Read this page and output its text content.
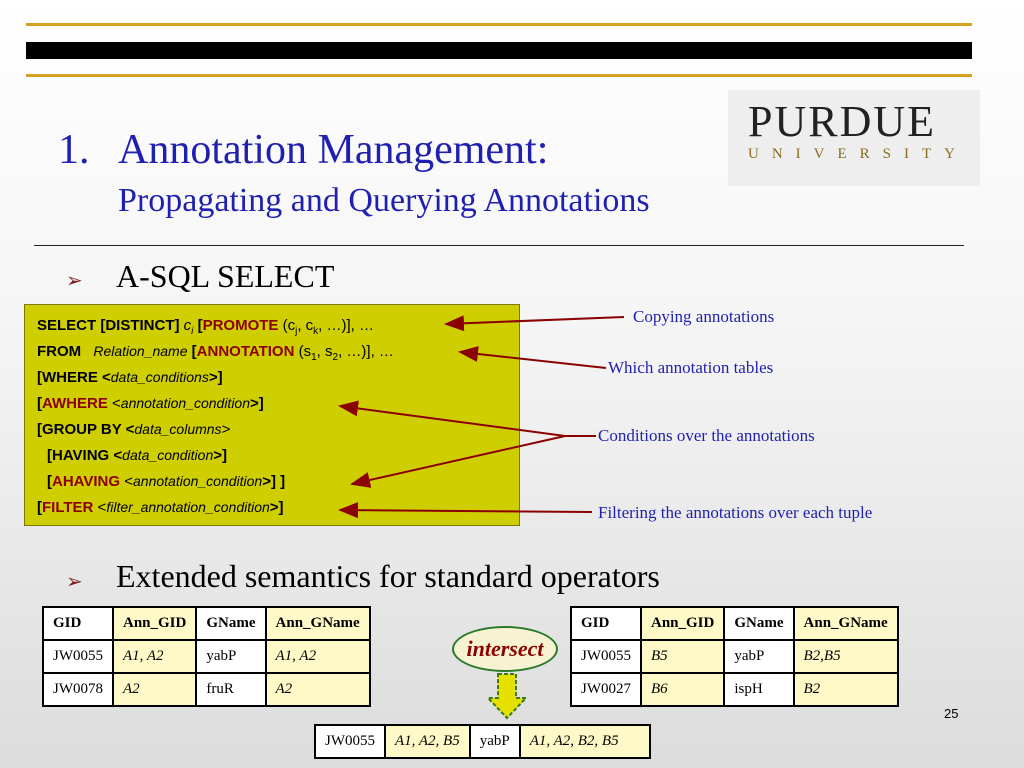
1. Annotation Management:
Propagating and Querying Annotations
PURDUE
UNIVERSITY
➢ A-SQL SELECT
SELECT [DISTINCT] $c_i$ [PROMOTE ($c_j$, $c_k$, …)], …
FROM Relation_name [ANNOTATION ($s_1$, $s_2$, …)], …
[WHERE <data_conditions>]
[AWHERE <annotation_condition>]
[GROUP BY <data_columns>
[HAVING <data_condition>]
[AHAVING <annotation_condition>] ]
[FILTER <filter_annotation_condition>]
Copying annotations
Which annotation tables
Conditions over the annotations
Filtering the annotations over each tuple
➢ Extended semantics for standard operators
GID	Ann_GID	GName	Ann_GName
JW0055	A1, A2	yabP	A1, A2
JW0078	A2	fruR	A2
GID	Ann_GID	GName	Ann_GName
JW0055	B5	yabP	B2,B5
JW0027	B6	ispH	B2
intersect
JW0055	A1, A2, B5	yabP	A1, A2, B2, B5
25
